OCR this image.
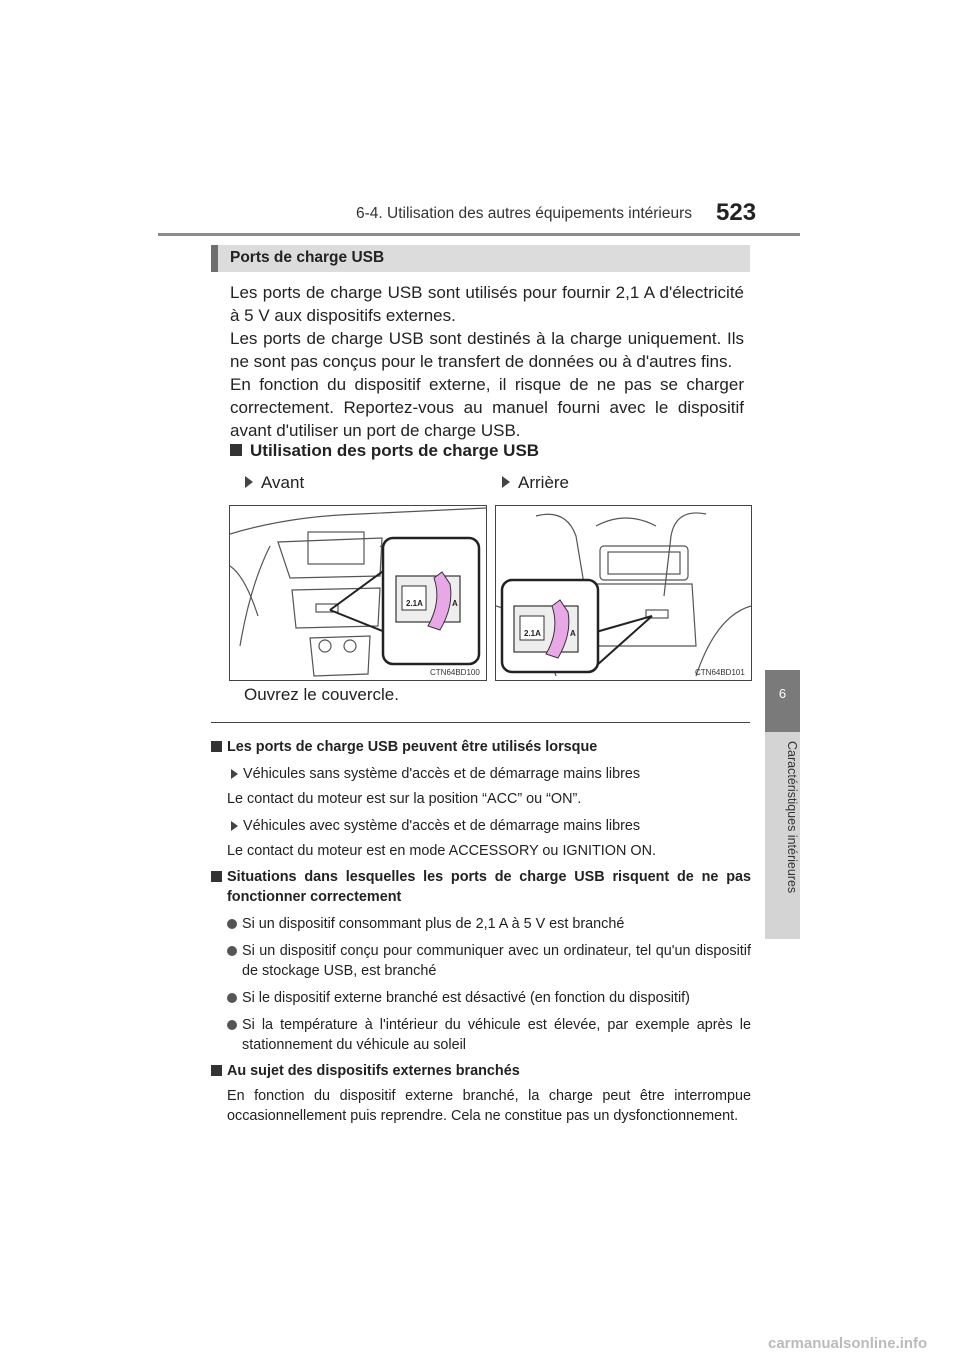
6-4. Utilisation des autres équipements intérieurs 523
6
Caractéristiques intérieures
Ports de charge USB

Les ports de charge USB sont utilisés pour fournir 2,1 A d'électricité à 5 V aux dispositifs externes.

Les ports de charge USB sont destinés à la charge uniquement. Ils ne sont pas conçus pour le transfert de données ou à d'autres fins.

En fonction du dispositif externe, il risque de ne pas se charger correctement. Reportez-vous au manuel fourni avec le dispositif avant d'utiliser un port de charge USB.

Utilisation des ports de charge USB
Avant	Arrière
2.1A	A
CTN64BD100
2.1A	A
CTN64BD101
Ouvrez le couvercle.
Les ports de charge USB peuvent être utilisés lorsque
Véhicules sans système d'accès et de démarrage mains libres
Le contact du moteur est sur la position “ACC” ou “ON”.
Véhicules avec système d'accès et de démarrage mains libres
Le contact du moteur est en mode ACCESSORY ou IGNITION ON.
Situations dans lesquelles les ports de charge USB risquent de ne pas fonctionner correctement
Si un dispositif consommant plus de 2,1 A à 5 V est branché
Si un dispositif conçu pour communiquer avec un ordinateur, tel qu'un dispositif de stockage USB, est branché
Si le dispositif externe branché est désactivé (en fonction du dispositif)
Si la température à l'intérieur du véhicule est élevée, par exemple après le stationnement du véhicule au soleil
Au sujet des dispositifs externes branchés
En fonction du dispositif externe branché, la charge peut être interrompue occasionnellement puis reprendre. Cela ne constitue pas un dysfonctionnement.
carmanualsonline.info
